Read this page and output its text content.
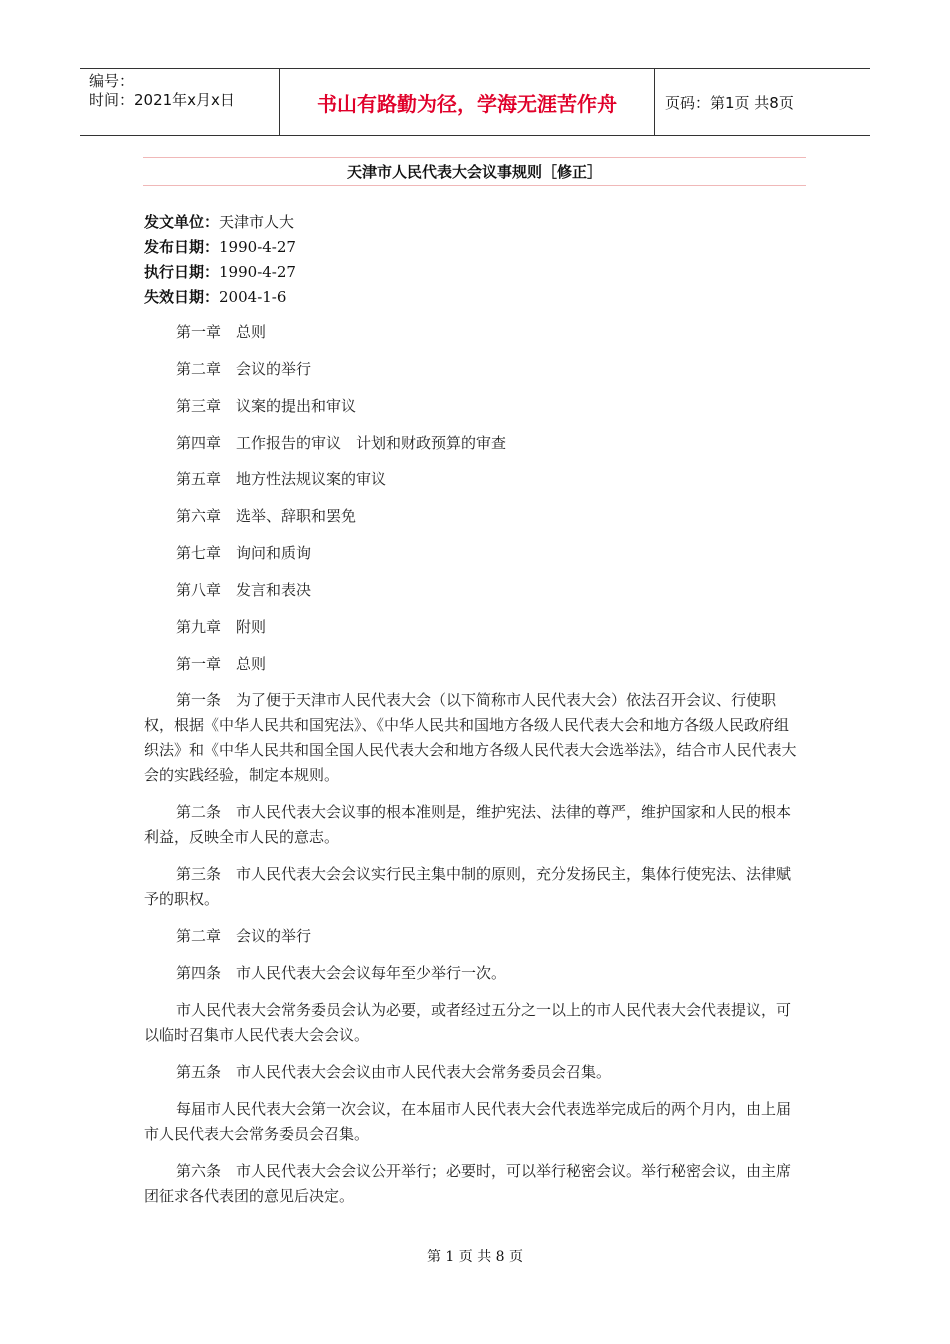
编号：
时间：2021年x月x日	书山有路勤为径，学海无涯苦作舟	页码：第1页 共8页
天津市人民代表大会议事规则［修正］
发文单位：天津市人大
发布日期：1990-4-27
执行日期：1990-4-27
失效日期：2004-1-6

第一章　总则

第二章　会议的举行

第三章　议案的提出和审议

第四章　工作报告的审议　计划和财政预算的审查

第五章　地方性法规议案的审议

第六章　选举、辞职和罢免

第七章　询问和质询

第八章　发言和表决

第九章　附则

第一章　总则

第一条　为了便于天津市人民代表大会（以下简称市人民代表大会）依法召开会议、行使职权，根据《中华人民共和国宪法》、《中华人民共和国地方各级人民代表大会和地方各级人民政府组织法》和《中华人民共和国全国人民代表大会和地方各级人民代表大会选举法》，结合市人民代表大会的实践经验，制定本规则。

第二条　市人民代表大会议事的根本准则是，维护宪法、法律的尊严，维护国家和人民的根本利益，反映全市人民的意志。

第三条　市人民代表大会会议实行民主集中制的原则，充分发扬民主，集体行使宪法、法律赋予的职权。

第二章　会议的举行

第四条　市人民代表大会会议每年至少举行一次。

市人民代表大会常务委员会认为必要，或者经过五分之一以上的市人民代表大会代表提议，可以临时召集市人民代表大会会议。

第五条　市人民代表大会会议由市人民代表大会常务委员会召集。

每届市人民代表大会第一次会议，在本届市人民代表大会代表选举完成后的两个月内，由上届市人民代表大会常务委员会召集。

第六条　市人民代表大会会议公开举行；必要时，可以举行秘密会议。举行秘密会议，由主席团征求各代表团的意见后决定。

第 1 页 共 8 页
